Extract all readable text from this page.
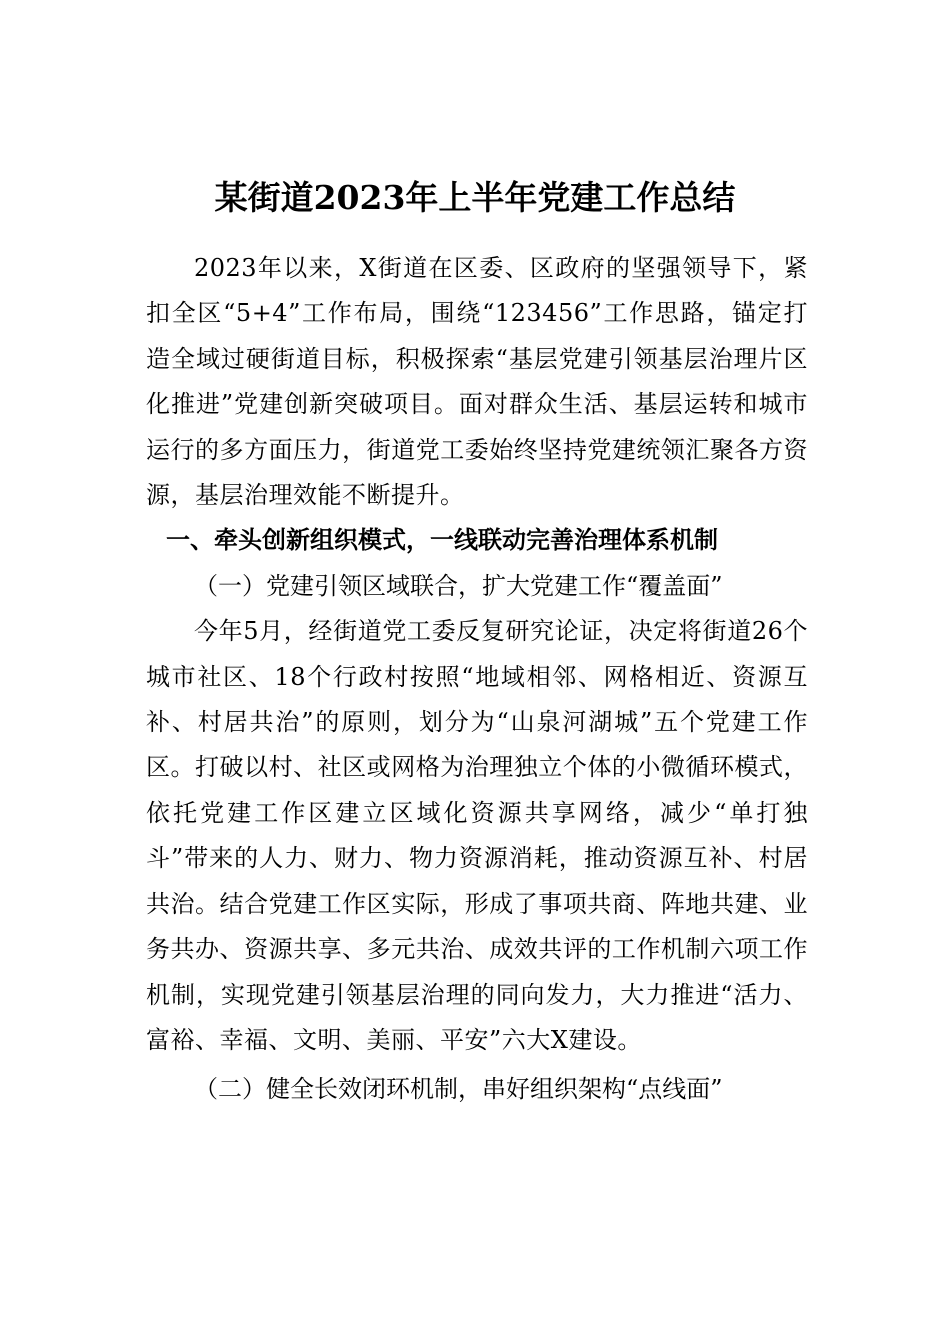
某街道2023年上半年党建工作总结

2023年以来，X街道在区委、区政府的坚强领导下，紧扣全区“5+4”工作布局，围绕“123456”工作思路，锚定打造全域过硬街道目标，积极探索“基层党建引领基层治理片区化推进”党建创新突破项目。面对群众生活、基层运转和城市运行的多方面压力，街道党工委始终坚持党建统领汇聚各方资源，基层治理效能不断提升。

一、牵头创新组织模式，一线联动完善治理体系机制

（一）党建引领区域联合，扩大党建工作“覆盖面”

今年5月，经街道党工委反复研究论证，决定将街道26个城市社区、18个行政村按照“地域相邻、网格相近、资源互补、村居共治”的原则，划分为“山泉河湖城”五个党建工作区。打破以村、社区或网格为治理独立个体的小微循环模式，依托党建工作区建立区域化资源共享网络，减少“单打独斗”带来的人力、财力、物力资源消耗，推动资源互补、村居共治。结合党建工作区实际，形成了事项共商、阵地共建、业务共办、资源共享、多元共治、成效共评的工作机制六项工作机制，实现党建引领基层治理的同向发力，大力推进“活力、富裕、幸福、文明、美丽、平安”六大X建设。

（二）健全长效闭环机制，串好组织架构“点线面”
